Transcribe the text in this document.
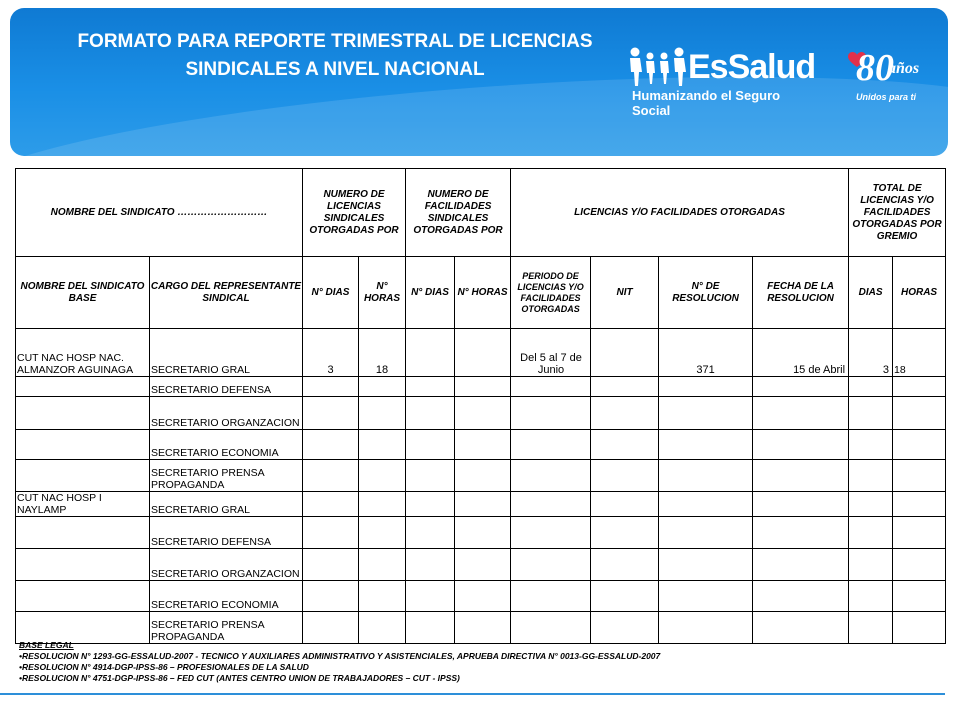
FORMATO PARA REPORTE TRIMESTRAL DE LICENCIAS SINDICALES A NIVEL NACIONAL	EsSalud
Humanizando el Seguro Social
80
años
Unidos para ti
NOMBRE DEL SINDICATO ………………………		NUMERO DE LICENCIAS SINDICALES OTORGADAS POR		NUMERO DE FACILIDADES SINDICALES OTORGADAS POR		LICENCIAS Y/O FACILIDADES OTORGADAS				TOTAL DE LICENCIAS Y/O FACILIDADES OTORGADAS POR GREMIO	
NOMBRE DEL SINDICATO BASE	CARGO DEL REPRESENTANTE SINDICAL	N° DIAS	N° HORAS	N° DIAS	N° HORAS	PERIODO DE LICENCIAS Y/O FACILIDADES OTORGADAS	NIT	N° DE RESOLUCION	FECHA DE LA RESOLUCION	DIAS	HORAS
CUT NAC HOSP NAC. ALMANZOR AGUINAGA	SECRETARIO GRAL	3	18			Del 5 al 7 de Junio		371	15 de Abril	3	18
	SECRETARIO DEFENSA										
	SECRETARIO ORGANZACION										
	SECRETARIO ECONOMIA										
	SECRETARIO PRENSA PROPAGANDA										
CUT NAC HOSP I NAYLAMP	SECRETARIO GRAL										
	SECRETARIO DEFENSA										
	SECRETARIO ORGANZACION										
	SECRETARIO ECONOMIA										
	SECRETARIO PRENSA PROPAGANDA										
BASE LEGAL
•RESOLUCION N° 1293-GG-ESSALUD-2007 - TECNICO Y AUXILIARES ADMINISTRATIVO Y ASISTENCIALES, APRUEBA DIRECTIVA N° 0013-GG-ESSALUD-2007
•RESOLUCION N° 4914-DGP-IPSS-86 – PROFESIONALES DE LA SALUD
•RESOLUCION N° 4751-DGP-IPSS-86 – FED CUT (ANTES CENTRO UNION DE TRABAJADORES – CUT - IPSS)
